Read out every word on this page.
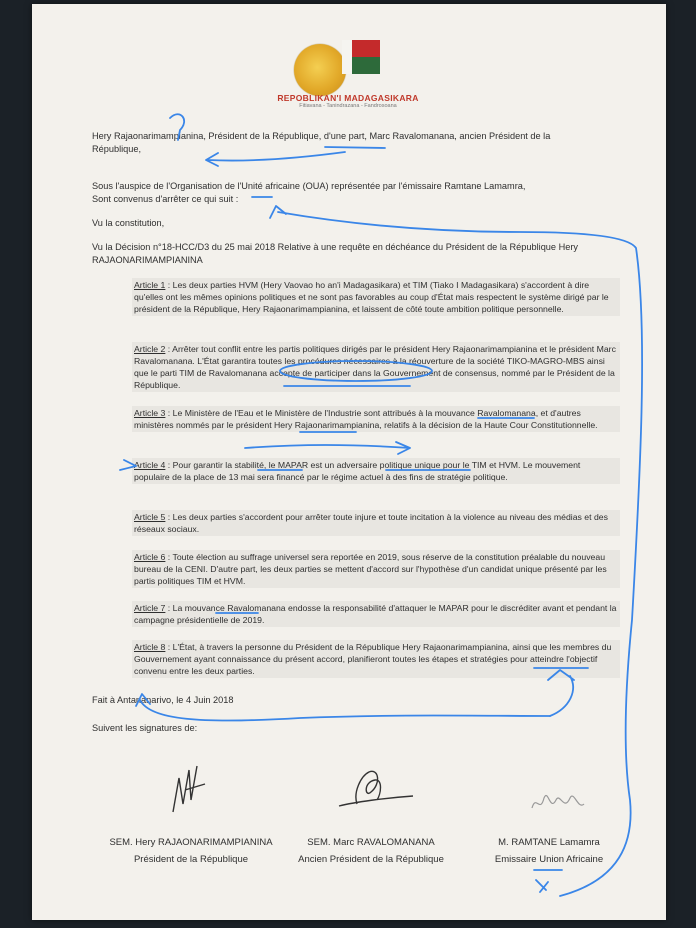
REPOBLIKAN'I MADAGASIKARA

Fitiavana - Tanindrazana - Fandrosoana

Hery Rajaonarimampianina, Président de la République, d'une part, Marc Ravalomanana, ancien Président de la République,

Sous l'auspice de l'Organisation de l'Unité africaine (OUA) représentée par l'émissaire Ramtane Lamamra,

Sont convenus d'arrêter ce qui suit :

Vu la constitution,

Vu la Décision n°18-HCC/D3 du 25 mai 2018 Relative à une requête en déchéance du Président de la République Hery RAJAONARIMAMPIANINA

Article 1 : Les deux parties HVM (Hery Vaovao ho an'i Madagasikara) et TIM (Tiako I Madagasikara) s'accordent à dire qu'elles ont les mêmes opinions politiques et ne sont pas favorables au coup d'État mais respectent le système dirigé par le président de la République, Hery Rajaonarimampianina, et laissent de côté toute ambition politique personnelle.

Article 2 : Arrêter tout conflit entre les partis politiques dirigés par le président Hery Rajaonarimampianina et le président Marc Ravalomanana. L'État garantira toutes les procédures nécessaires à la réouverture de la société TIKO-MAGRO-MBS ainsi que le parti TIM de Ravalomanana accepte de participer dans la Gouvernement de consensus, nommé par le Président de la République.

Article 3 : Le Ministère de l'Eau et le Ministère de l'Industrie sont attribués à la mouvance Ravalomanana, et d'autres ministères nommés par le président Hery Rajaonarimampianina, relatifs à la décision de la Haute Cour Constitutionnelle.

Article 4 : Pour garantir la stabilité, le MAPAR est un adversaire politique unique pour le TIM et HVM. Le mouvement populaire de la place de 13 mai sera financé par le régime actuel à des fins de stratégie politique.

Article 5 : Les deux parties s'accordent pour arrêter toute injure et toute incitation à la violence au niveau des médias et des réseaux sociaux.

Article 6 : Toute élection au suffrage universel sera reportée en 2019, sous réserve de la constitution préalable du nouveau bureau de la CENI. D'autre part, les deux parties se mettent d'accord sur l'hypothèse d'un candidat unique présenté par les partis politiques TIM et HVM.

Article 7 : La mouvance Ravalomanana endosse la responsabilité d'attaquer le MAPAR pour le discréditer avant et pendant la campagne présidentielle de 2019.

Article 8 : L'État, à travers la personne du Président de la République Hery Rajaonarimampianina, ainsi que les membres du Gouvernement ayant connaissance du présent accord, planifieront toutes les étapes et stratégies pour atteindre l'objectif convenu entre les deux parties.

Fait à Antananarivo, le 4 Juin 2018

Suivent les signatures de:

SEM. Hery RAJAONARIMAMPIANINA

Président de la République

SEM. Marc RAVALOMANANA

Ancien Président de la République

M. RAMTANE Lamamra

Emissaire Union Africaine
